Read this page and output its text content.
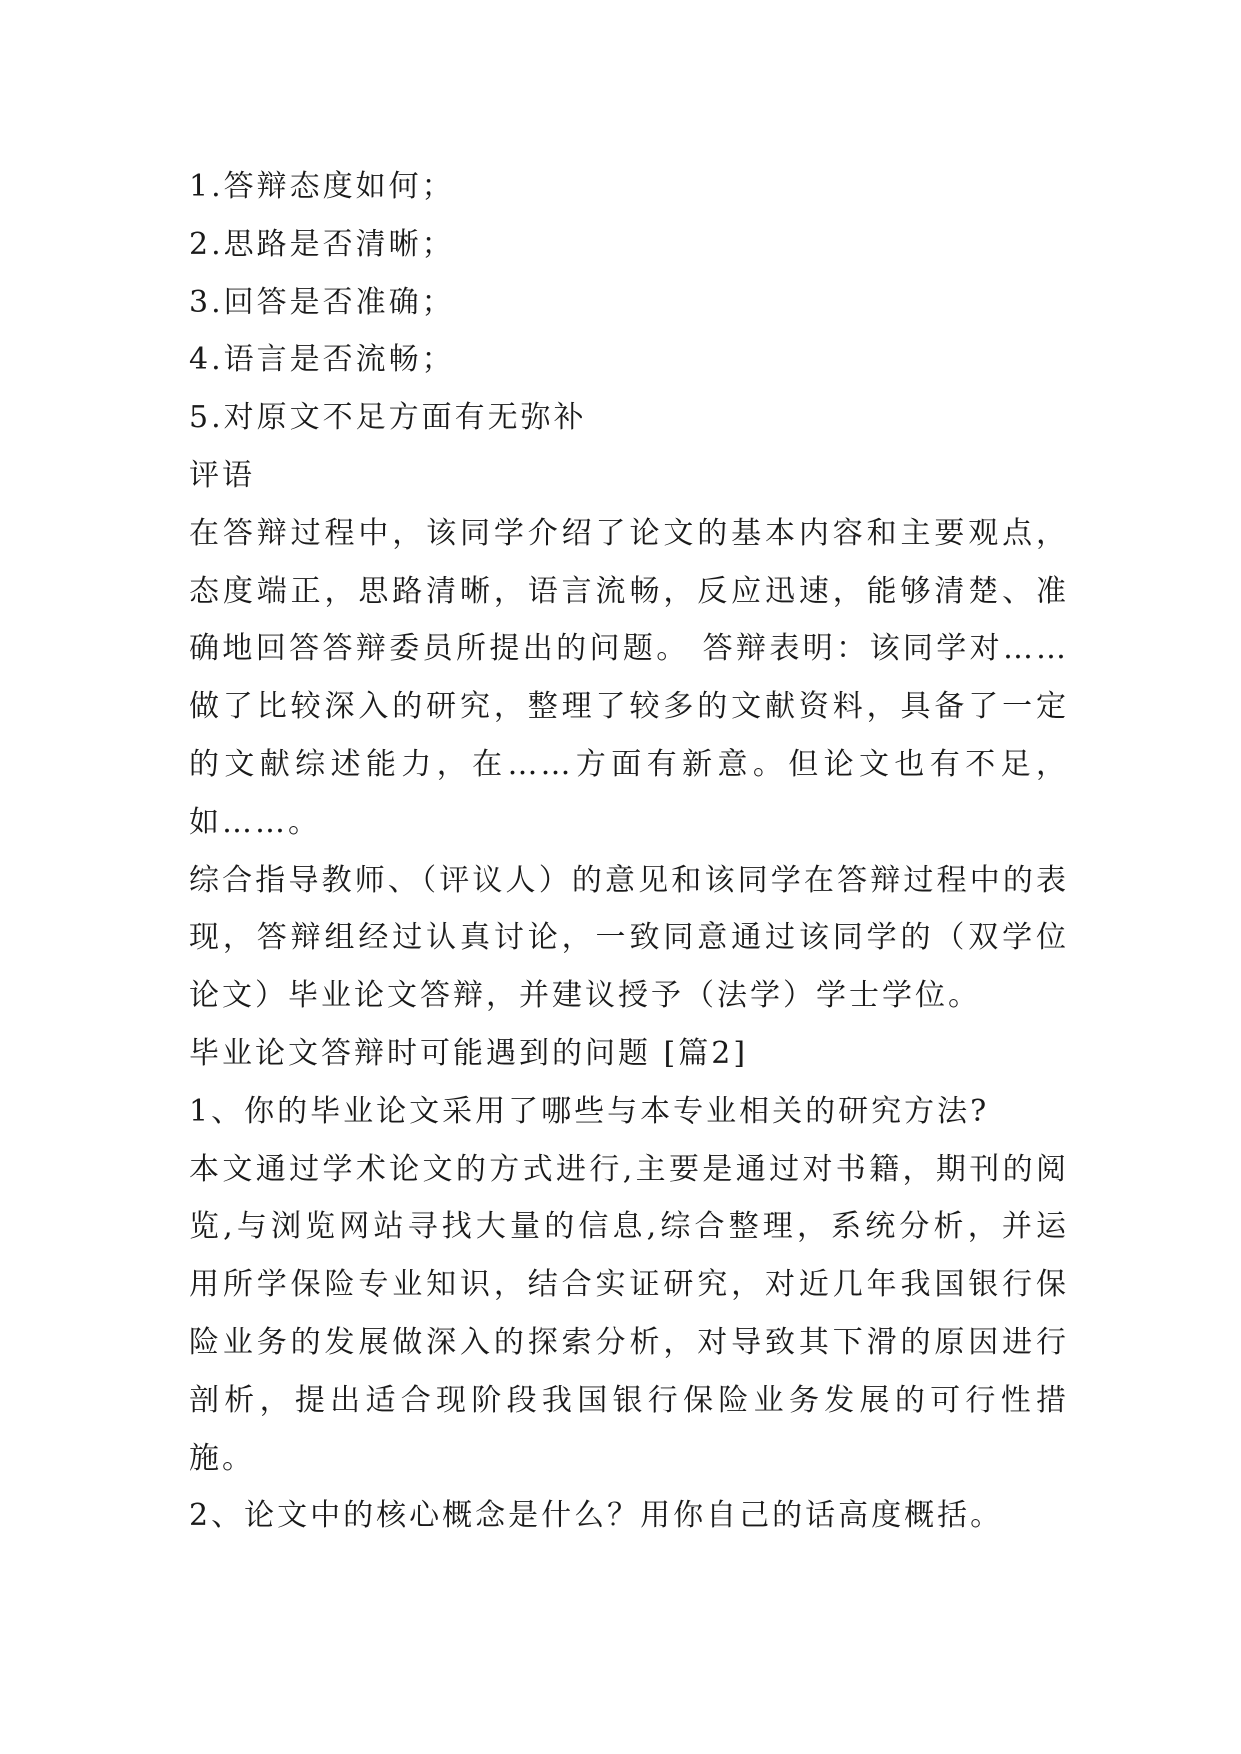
1.答辩态度如何；

2.思路是否清晰；

3.回答是否准确；

4.语言是否流畅；

5.对原文不足方面有无弥补

评语

在答辩过程中，该同学介绍了论文的基本内容和主要观点，态度端正，思路清晰，语言流畅，反应迅速，能够清楚、准确地回答答辩委员所提出的问题。 答辩表明：该同学对……做了比较深入的研究，整理了较多的文献资料，具备了一定的文献综述能力，在……方面有新意。但论文也有不足，如……。

综合指导教师、（评议人）的意见和该同学在答辩过程中的表现，答辩组经过认真讨论，一致同意通过该同学的（双学位论文）毕业论文答辩，并建议授予（法学）学士学位。

毕业论文答辩时可能遇到的问题 [篇2]

1、你的毕业论文采用了哪些与本专业相关的研究方法?

本文通过学术论文的方式进行,主要是通过对书籍，期刊的阅览,与浏览网站寻找大量的信息,综合整理，系统分析，并运用所学保险专业知识，结合实证研究，对近几年我国银行保险业务的发展做深入的探索分析，对导致其下滑的原因进行剖析，提出适合现阶段我国银行保险业务发展的可行性措施。

2、论文中的核心概念是什么？用你自己的话高度概括。
